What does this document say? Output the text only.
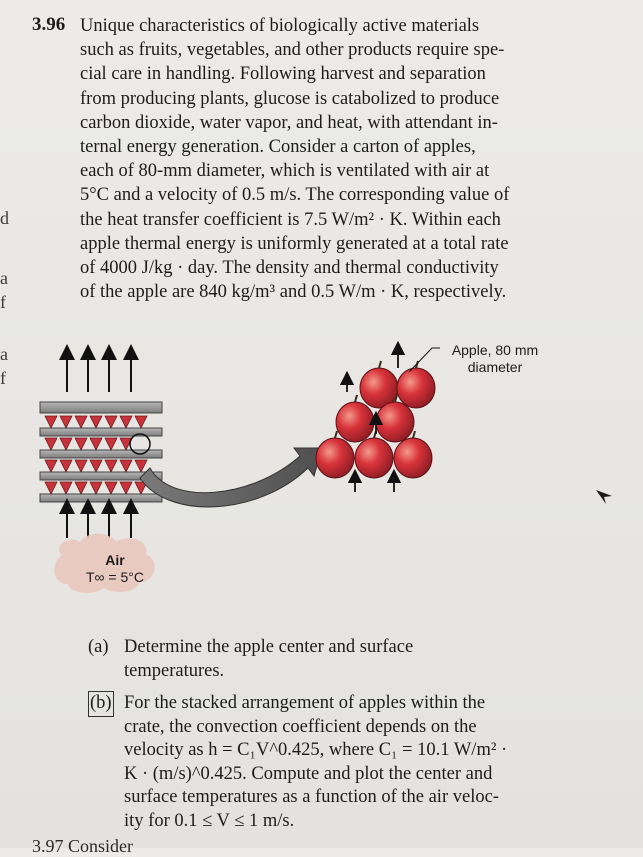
d
a
f
a
f
3.96 Unique characteristics of biologically active materials
such as fruits, vegetables, and other products require spe-
cial care in handling. Following harvest and separation
from producing plants, glucose is catabolized to produce
carbon dioxide, water vapor, and heat, with attendant in-
ternal energy generation. Consider a carton of apples,
each of 80-mm diameter, which is ventilated with air at
5°C and a velocity of 0.5 m/s. The corresponding value of
the heat transfer coefficient is 7.5 W/m² · K. Within each
apple thermal energy is uniformly generated at a total rate
of 4000 J/kg · day. The density and thermal conductivity
of the apple are 840 kg/m³ and 0.5 W/m · K, respectively.

Apple, 80 mm
diameter
Air
T∞ = 5°C
(a) Determine the apple center and surface
temperatures.
(b) For the stacked arrangement of apples within the
crate, the convection coefficient depends on the
velocity as h = C₁V^0.425, where C₁ = 10.1 W/m² ·
K · (m/s)^0.425. Compute and plot the center and
surface temperatures as a function of the air veloc-
ity for 0.1 ≤ V ≤ 1 m/s.
3.97 Consider
